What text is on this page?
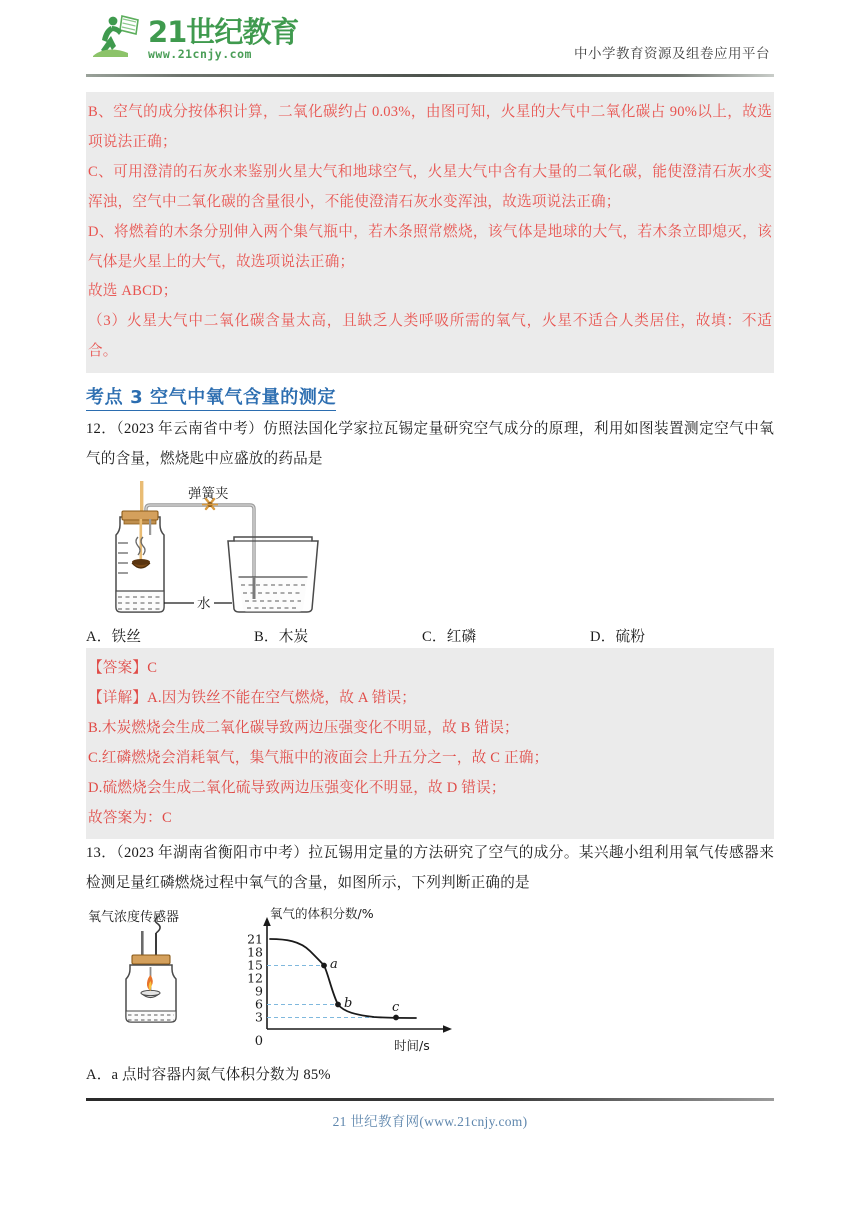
21世纪教育
www.21cnjy.com	中小学教育资源及组卷应用平台

B、空气的成分按体积计算，二氧化碳约占 0.03%，由图可知，火星的大气中二氧化碳占 90%以上，故选项说法正确；

C、可用澄清的石灰水来鉴别火星大气和地球空气，火星大气中含有大量的二氧化碳，能使澄清石灰水变浑浊，空气中二氧化碳的含量很小，不能使澄清石灰水变浑浊，故选项说法正确；

D、将燃着的木条分别伸入两个集气瓶中，若木条照常燃烧，该气体是地球的大气，若木条立即熄灭，该气体是火星上的大气，故选项说法正确；

故选 ABCD；

（3）火星大气中二氧化碳含量太高，且缺乏人类呼吸所需的氧气，火星不适合人类居住，故填：不适合。

考点 3 空气中氧气含量的测定

12．（2023 年云南省中考）仿照法国化学家拉瓦锡定量研究空气成分的原理，利用如图装置测定空气中氧气的含量，燃烧匙中应盛放的药品是

弹簧夹
水
A．铁丝	B．木炭	C．红磷	D．硫粉

【答案】C

【详解】A.因为铁丝不能在空气燃烧，故 A 错误；

B.木炭燃烧会生成二氧化碳导致两边压强变化不明显，故 B 错误；

C.红磷燃烧会消耗氧气，集气瓶中的液面会上升五分之一，故 C 正确；

D.硫燃烧会生成二氧化硫导致两边压强变化不明显，故 D 错误；

故答案为：C

13．（2023 年湖南省衡阳市中考）拉瓦锡用定量的方法研究了空气的成分。某兴趣小组利用氧气传感器来检测足量红磷燃烧过程中氧气的含量，如图所示，下列判断正确的是

氧气浓度传感器	氧气的体积分数/%
3
6
9
12
15
18
21
0	时间/s
a
b	c

A．a 点时容器内氮气体积分数为 85%

21 世纪教育网(www.21cnjy.com)
